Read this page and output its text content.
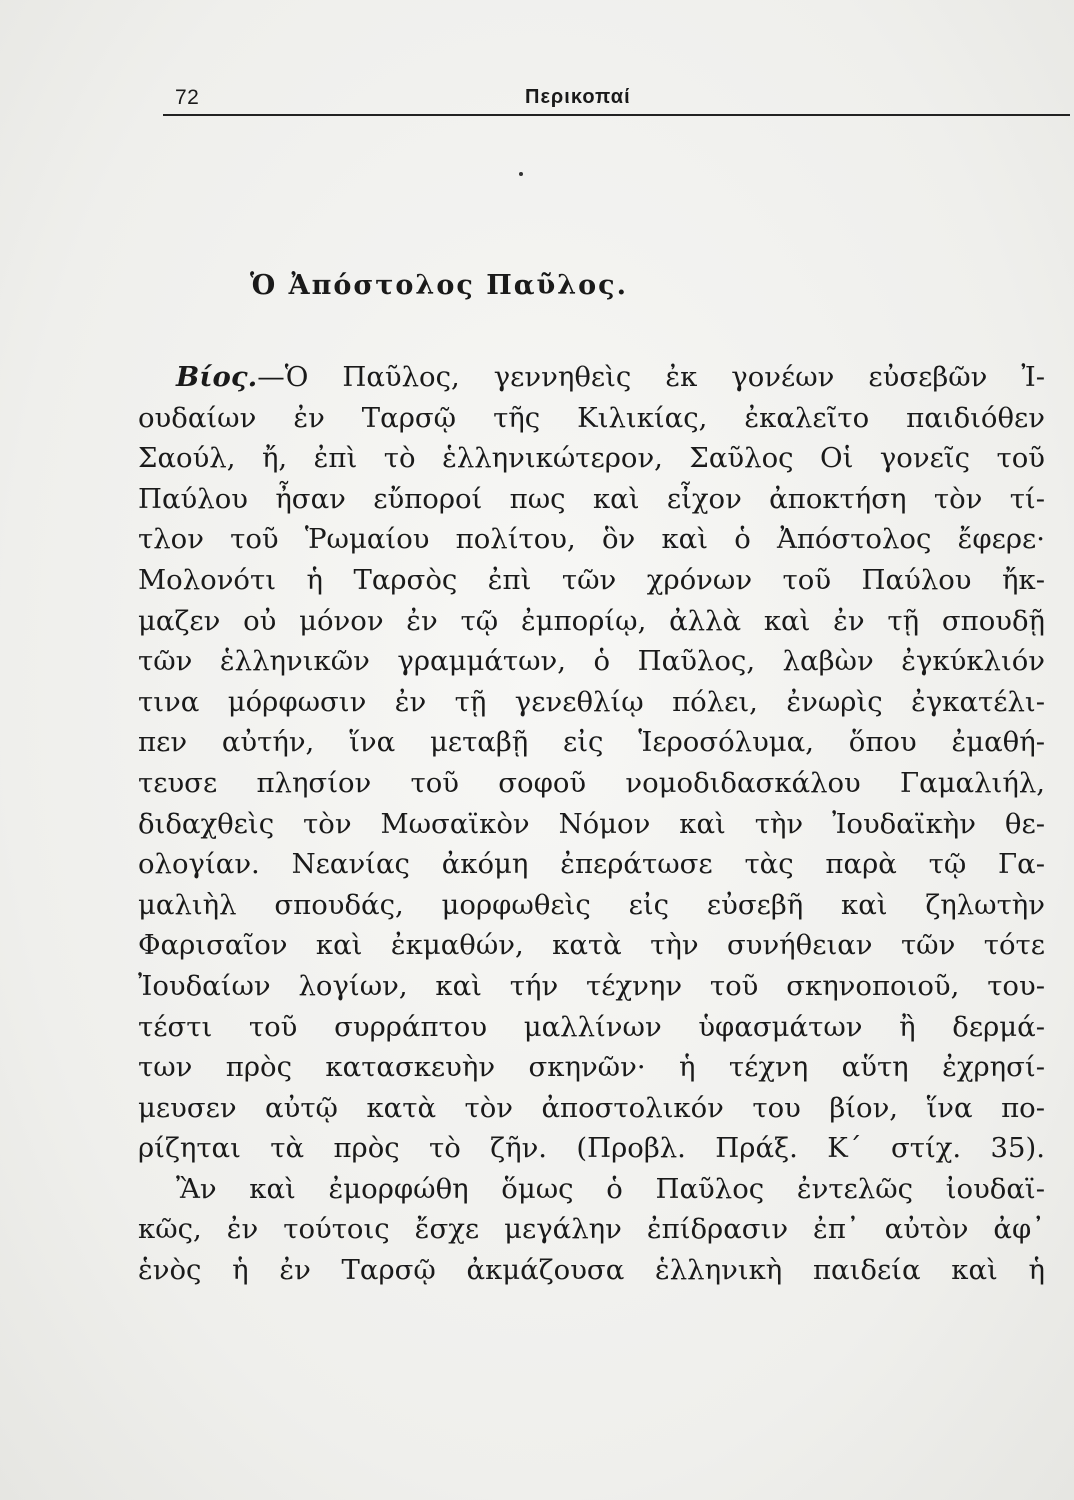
72	Περικοπαί
Ὁ Ἀπόστολος Παῦλος.
Βίος.—Ὁ Παῦλος, γεννηθεὶς ἐκ γονέων εὐσεβῶν Ἰ-
ουδαίων ἐν Ταρσῷ τῆς Κιλικίας, ἐκαλεῖτο παιδιόθεν
Σαούλ, ἤ, ἐπὶ τὸ ἑλληνικώτερον, Σαῦλος Οἱ γονεῖς τοῦ
Παύλου ἦσαν εὔποροί πως καὶ εἶχον ἀποκτήση τὸν τί-
τλον τοῦ Ῥωμαίου πολίτου, ὃν καὶ ὁ Ἀπόστολος ἔφερε·
Μολονότι ἡ Ταρσὸς ἐπὶ τῶν χρόνων τοῦ Παύλου ἤκ-
μαζεν οὐ μόνον ἐν τῷ ἐμπορίῳ, ἀλλὰ καὶ ἐν τῇ σπουδῇ
τῶν ἑλληνικῶν γραμμάτων, ὁ Παῦλος, λαβὼν ἐγκύκλιόν
τινα μόρφωσιν ἐν τῇ γενεθλίῳ πόλει, ἐνωρὶς ἐγκατέλι-
πεν αὐτήν, ἵνα μεταβῇ εἰς Ἱεροσόλυμα, ὅπου ἐμαθή-
τευσε πλησίον τοῦ σοφοῦ νομοδιδασκάλου Γαμαλιήλ,
διδαχθεὶς τὸν Μωσαϊκὸν Νόμον καὶ τὴν Ἰουδαϊκὴν θε-
ολογίαν. Νεανίας ἀκόμη ἐπεράτωσε τὰς παρὰ τῷ Γα-
μαλιὴλ σπουδάς, μορφωθεὶς εἰς εὐσεβῆ καὶ ζηλωτὴν
Φαρισαῖον καὶ ἐκμαθών, κατὰ τὴν συνήθειαν τῶν τότε
Ἰουδαίων λογίων, καὶ τήν τέχνην τοῦ σκηνοποιοῦ, του-
τέστι τοῦ συρράπτου μαλλίνων ὑφασμάτων ἢ δερμά-
των πρὸς κατασκευὴν σκηνῶν· ἡ τέχνη αὕτη ἐχρησί-
μευσεν αὐτῷ κατὰ τὸν ἀποστολικόν του βίον, ἵνα πο-
ρίζηται τὰ πρὸς τὸ ζῆν. (Προβλ. Πράξ. Κ΄ στίχ. 35).
Ἂν καὶ ἐμορφώθη ὅμως ὁ Παῦλος ἐντελῶς ἰουδαϊ-
κῶς, ἐν τούτοις ἔσχε μεγάλην ἐπίδρασιν ἐπ᾿ αὐτὸν ἀφ᾿
ἑνὸς ἡ ἐν Ταρσῷ ἀκμάζουσα ἑλληνικὴ παιδεία καὶ ἡ
